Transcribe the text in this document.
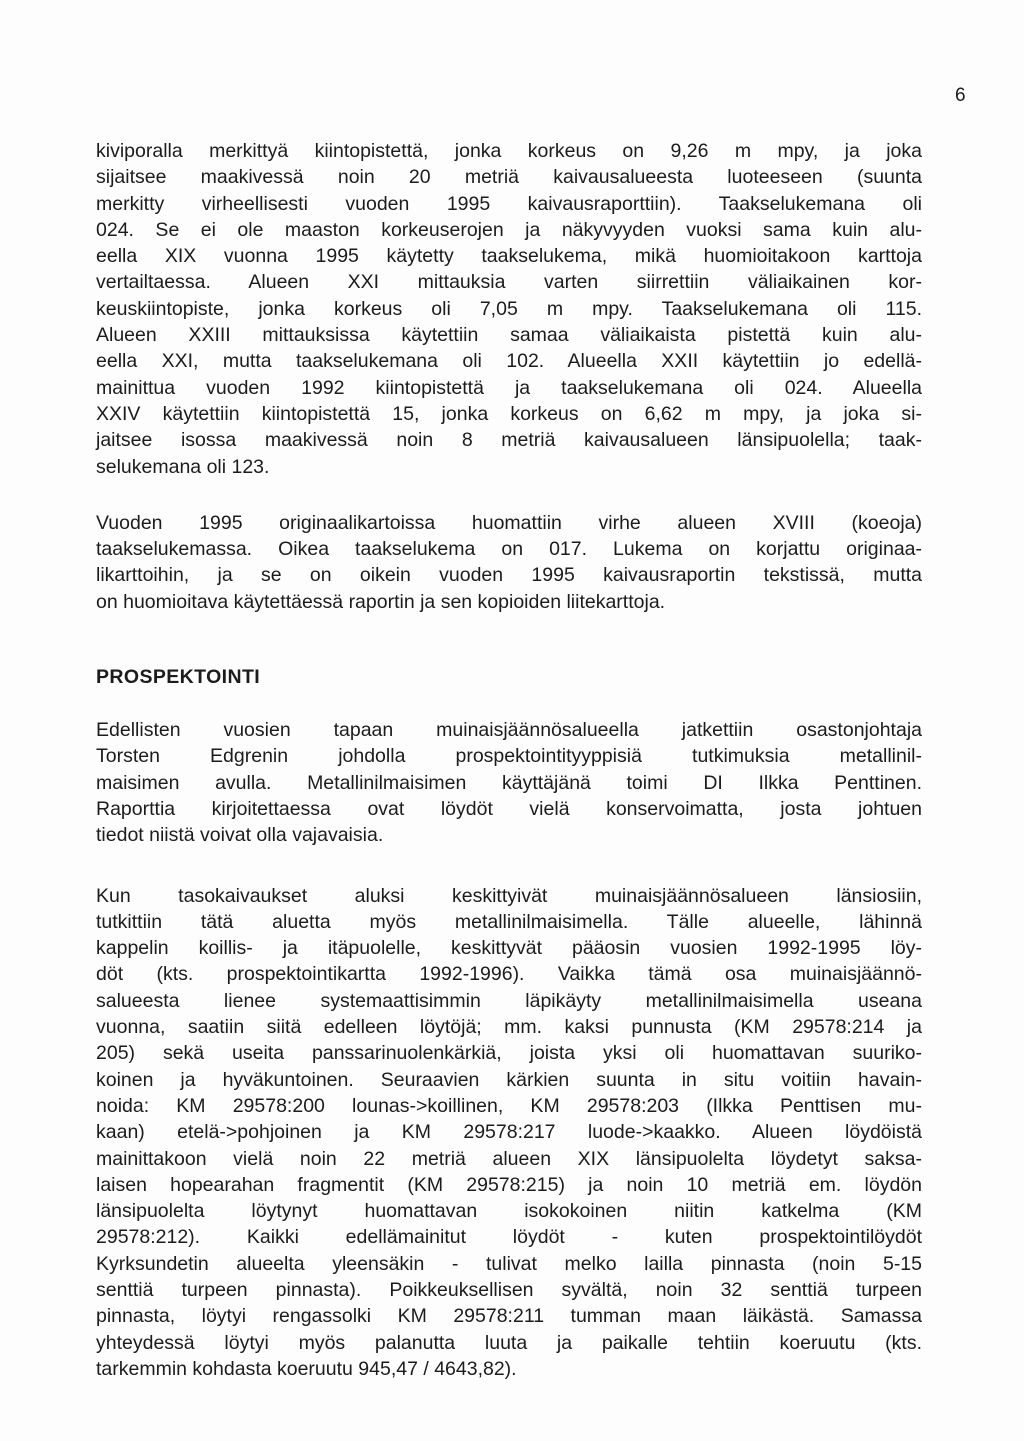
6

kiviporalla merkittyä kiintopistettä, jonka korkeus on 9,26 m mpy, ja joka
sijaitsee maakivessä noin 20 metriä kaivausalueesta luoteeseen (suunta
merkitty virheellisesti vuoden 1995 kaivausraporttiin). Taakselukemana oli
024. Se ei ole maaston korkeuserojen ja näkyvyyden vuoksi sama kuin alu-
eella XIX vuonna 1995 käytetty taakselukema, mikä huomioitakoon karttoja
vertailtaessa. Alueen XXI mittauksia varten siirrettiin väliaikainen kor-
keuskiintopiste, jonka korkeus oli 7,05 m mpy. Taakselukemana oli 115.
Alueen XXIII mittauksissa käytettiin samaa väliaikaista pistettä kuin alu-
eella XXI, mutta taakselukemana oli 102. Alueella XXII käytettiin jo edellä-
mainittua vuoden 1992 kiintopistettä ja taakselukemana oli 024. Alueella
XXIV käytettiin kiintopistettä 15, jonka korkeus on 6,62 m mpy, ja joka si-
jaitsee isossa maakivessä noin 8 metriä kaivausalueen länsipuolella; taak-
selukemana oli 123.

Vuoden 1995 originaalikartoissa huomattiin virhe alueen XVIII (koeoja)
taakselukemassa. Oikea taakselukema on 017. Lukema on korjattu originaa-
likarttoihin, ja se on oikein vuoden 1995 kaivausraportin tekstissä, mutta
on huomioitava käytettäessä raportin ja sen kopioiden liitekarttoja.

PROSPEKTOINTI

Edellisten vuosien tapaan muinaisjäännösalueella jatkettiin osastonjohtaja
Torsten Edgrenin johdolla prospektointityyppisiä tutkimuksia metallinil-
maisimen avulla. Metallinilmaisimen käyttäjänä toimi DI Ilkka Penttinen.
Raporttia kirjoitettaessa ovat löydöt vielä konservoimatta, josta johtuen
tiedot niistä voivat olla vajavaisia.

Kun tasokaivaukset aluksi keskittyivät muinaisjäännösalueen länsiosiin,
tutkittiin tätä aluetta myös metallinilmaisimella. Tälle alueelle, lähinnä
kappelin koillis- ja itäpuolelle, keskittyvät pääosin vuosien 1992-1995 löy-
döt (kts. prospektointikartta 1992-1996). Vaikka tämä osa muinaisjäännö-
salueesta lienee systemaattisimmin läpikäyty metallinilmaisimella useana
vuonna, saatiin siitä edelleen löytöjä; mm. kaksi punnusta (KM 29578:214 ja
205) sekä useita panssarinuolenkärkiä, joista yksi oli huomattavan suuriko-
koinen ja hyväkuntoinen. Seuraavien kärkien suunta in situ voitiin havain-
noida: KM 29578:200 lounas->koillinen, KM 29578:203 (Ilkka Penttisen mu-
kaan) etelä->pohjoinen ja KM 29578:217 luode->kaakko. Alueen löydöistä
mainittakoon vielä noin 22 metriä alueen XIX länsipuolelta löydetyt saksa-
laisen hopearahan fragmentit (KM 29578:215) ja noin 10 metriä em. löydön
länsipuolelta löytynyt huomattavan isokokoinen niitin katkelma (KM
29578:212). Kaikki edellämainitut löydöt - kuten prospektointilöydöt
Kyrksundetin alueelta yleensäkin - tulivat melko lailla pinnasta (noin 5-15
senttiä turpeen pinnasta). Poikkeuksellisen syvältä, noin 32 senttiä turpeen
pinnasta, löytyi rengassolki KM 29578:211 tumman maan läikästä. Samassa
yhteydessä löytyi myös palanutta luuta ja paikalle tehtiin koeruutu (kts.
tarkemmin kohdasta koeruutu 945,47 / 4643,82).
